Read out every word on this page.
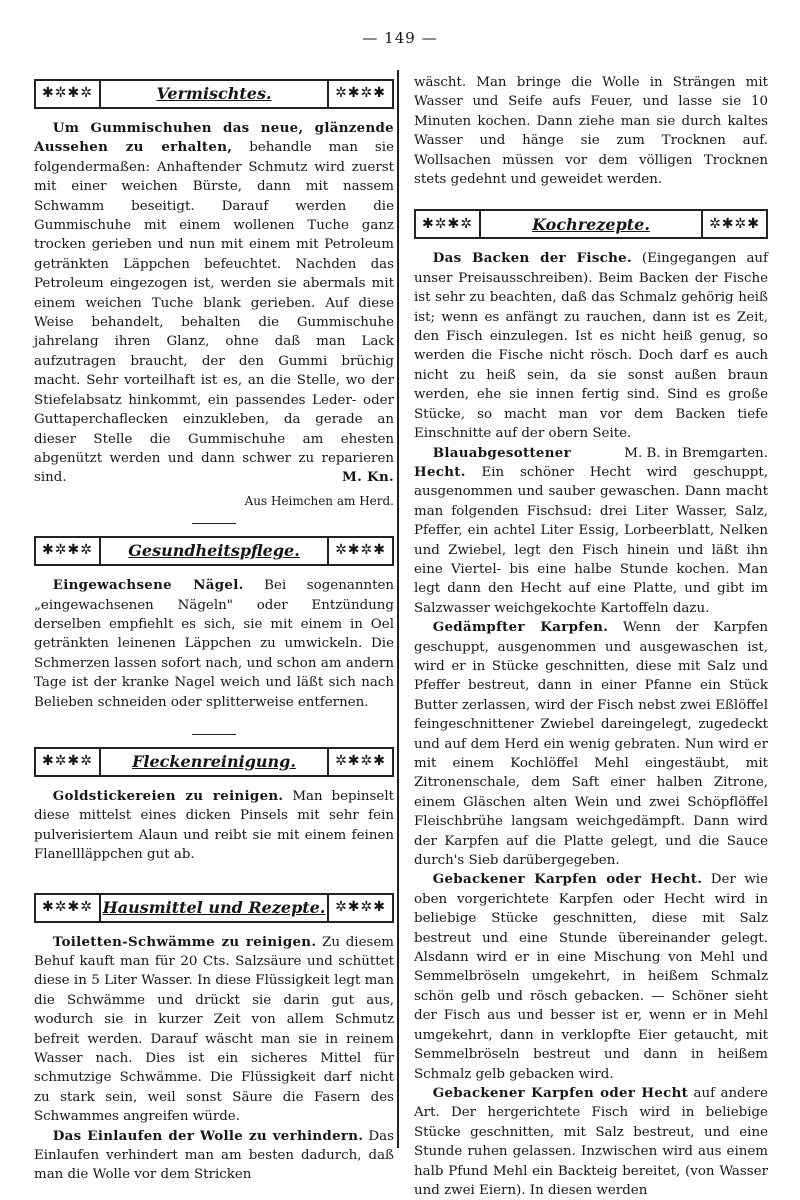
— 149 —
✱✲✱✲	Vermischtes.	✲✱✲✱

Um Gummischuhen das neue, glänzende Aussehen zu erhalten, behandle man sie folgendermaßen: Anhaftender Schmutz wird zuerst mit einer weichen Bürste, dann mit nassem Schwamm beseitigt. Darauf werden die Gummischuhe mit einem wollenen Tuche ganz trocken gerieben und nun mit einem mit Petroleum getränkten Läppchen befeuchtet. Nachden das Petroleum eingezogen ist, werden sie abermals mit einem weichen Tuche blank gerieben. Auf diese Weise behandelt, behalten die Gummischuhe jahrelang ihren Glanz, ohne daß man Lack aufzutragen braucht, der den Gummi brüchig macht. Sehr vorteilhaft ist es, an die Stelle, wo der Stiefelabsatz hinkommt, ein passendes Leder- oder Guttaperchaflecken einzukleben, da gerade an dieser Stelle die Gummischuhe am ehesten abgenützt werden und dann schwer zu reparieren sind.	M. Kn.

Aus Heimchen am Herd.
✱✲✱✲	Gesundheitspflege.	✲✱✲✱

Eingewachsene Nägel. Bei sogenannten „eingewachsenen Nägeln" oder Entzündung derselben empfiehlt es sich, sie mit einem in Oel getränkten leinenen Läppchen zu umwickeln. Die Schmerzen lassen sofort nach, und schon am andern Tage ist der kranke Nagel weich und läßt sich nach Belieben schneiden oder splitterweise entfernen.

✱✲✱✲	Fleckenreinigung.	✲✱✲✱

Goldstickereien zu reinigen. Man bepinselt diese mittelst eines dicken Pinsels mit sehr fein pulverisiertem Alaun und reibt sie mit einem feinen Flanellläppchen gut ab.

✱✲✱✲ Hausmittel und Rezepte. ✲✱✲✱

Toiletten-Schwämme zu reinigen. Zu diesem Behuf kauft man für 20 Cts. Salzsäure und schüttet diese in 5 Liter Wasser. In diese Flüssigkeit legt man die Schwämme und drückt sie darin gut aus, wodurch sie in kurzer Zeit von allem Schmutz befreit werden. Darauf wäscht man sie in reinem Wasser nach. Dies ist ein sicheres Mittel für schmutzige Schwämme. Die Flüssigkeit darf nicht zu stark sein, weil sonst Säure die Fasern des Schwammes angreifen würde.

Das Einlaufen der Wolle zu verhindern. Das Einlaufen verhindert man am besten dadurch, daß man die Wolle vor dem Stricken

wäscht. Man bringe die Wolle in Strängen mit Wasser und Seife aufs Feuer, und lasse sie 10 Minuten kochen. Dann ziehe man sie durch kaltes Wasser und hänge sie zum Trocknen auf. Wollsachen müssen vor dem völligen Trocknen stets gedehnt und geweidet werden.

✱✲✱✲	Kochrezepte.	✲✱✲✱

Das Backen der Fische. (Eingegangen auf unser Preisausschreiben). Beim Backen der Fische ist sehr zu beachten, daß das Schmalz gehörig heiß ist; wenn es anfängt zu rauchen, dann ist es Zeit, den Fisch einzulegen. Ist es nicht heiß genug, so werden die Fische nicht rösch. Doch darf es auch nicht zu heiß sein, da sie sonst außen braun werden, ehe sie innen fertig sind. Sind es große Stücke, so macht man vor dem Backen tiefe Einschnitte auf der obern Seite.
M. B. in Bremgarten.

Blauabgesottener Hecht. Ein schöner Hecht wird geschuppt, ausgenommen und sauber gewaschen. Dann macht man folgenden Fischsud: drei Liter Wasser, Salz, Pfeffer, ein achtel Liter Essig, Lorbeerblatt, Nelken und Zwiebel, legt den Fisch hinein und läßt ihn eine Viertel- bis eine halbe Stunde kochen. Man legt dann den Hecht auf eine Platte, und gibt im Salzwasser weichgekochte Kartoffeln dazu.

Gedämpfter Karpfen. Wenn der Karpfen geschuppt, ausgenommen und ausgewaschen ist, wird er in Stücke geschnitten, diese mit Salz und Pfeffer bestreut, dann in einer Pfanne ein Stück Butter zerlassen, wird der Fisch nebst zwei Eßlöffel feingeschnittener Zwiebel dareingelegt, zugedeckt und auf dem Herd ein wenig gebraten. Nun wird er mit einem Kochlöffel Mehl eingestäubt, mit Zitronenschale, dem Saft einer halben Zitrone, einem Gläschen alten Wein und zwei Schöpflöffel Fleischbrühe langsam weichgedämpft. Dann wird der Karpfen auf die Platte gelegt, und die Sauce durch's Sieb darübergegeben.

Gebackener Karpfen oder Hecht. Der wie oben vorgerichtete Karpfen oder Hecht wird in beliebige Stücke geschnitten, diese mit Salz bestreut und eine Stunde übereinander gelegt. Alsdann wird er in eine Mischung von Mehl und Semmelbröseln umgekehrt, in heißem Schmalz schön gelb und rösch gebacken. — Schöner sieht der Fisch aus und besser ist er, wenn er in Mehl umgekehrt, dann in verklopfte Eier getaucht, mit Semmelbröseln bestreut und dann in heißem Schmalz gelb gebacken wird.

Gebackener Karpfen oder Hecht auf andere Art. Der hergerichtete Fisch wird in beliebige Stücke geschnitten, mit Salz bestreut, und eine Stunde ruhen gelassen. Inzwischen wird aus einem halb Pfund Mehl ein Backteig bereitet, (von Wasser und zwei Eiern). In diesen werden
